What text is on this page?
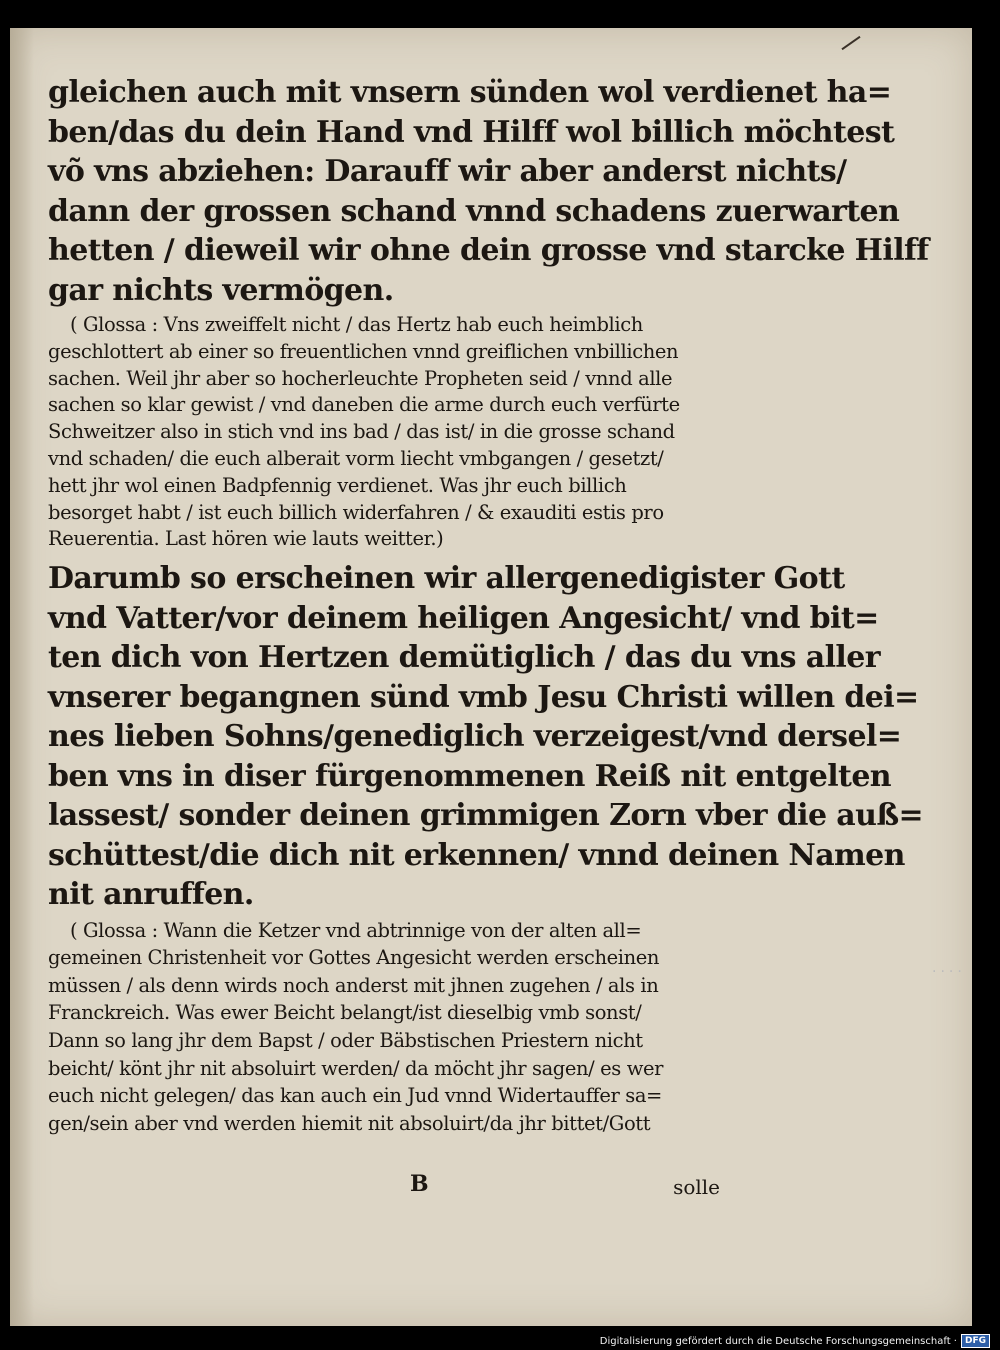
gleichen auch mit vnsern sünden wol verdienet ha=
ben/das du dein Hand vnd Hilff wol billich möchtest
võ vns abziehen: Darauff wir aber anderst nichts/
dann der grossen schand vnnd schadens zuerwarten
hetten / dieweil wir ohne dein grosse vnd starcke Hilff
gar nichts vermögen.
( Glossa : Vns zweiffelt nicht / das Hertz hab euch heimblich
geschlottert ab einer so freuentlichen vnnd greiflichen vnbillichen
sachen. Weil jhr aber so hocherleuchte Propheten seid / vnnd alle
sachen so klar gewist / vnd daneben die arme durch euch verfürte
Schweitzer also in stich vnd ins bad / das ist/ in die grosse schand
vnd schaden/ die euch alberait vorm liecht vmbgangen / gesetzt/
hett jhr wol einen Badpfennig verdienet. Was jhr euch billich
besorget habt / ist euch billich widerfahren / & exauditi estis pro
Reuerentia. Last hören wie lauts weitter.)
Darumb so erscheinen wir allergenedigister Gott
vnd Vatter/vor deinem heiligen Angesicht/ vnd bit=
ten dich von Hertzen demütiglich / das du vns aller
vnserer begangnen sünd vmb Jesu Christi willen dei=
nes lieben Sohns/genediglich verzeigest/vnd dersel=
ben vns in diser fürgenommenen Reiß nit entgelten
lassest/ sonder deinen grimmigen Zorn vber die auß=
schüttest/die dich nit erkennen/ vnnd deinen Namen
nit anruffen.
( Glossa : Wann die Ketzer vnd abtrinnige von der alten all=
gemeinen Christenheit vor Gottes Angesicht werden erscheinen
müssen / als denn wirds noch anderst mit jhnen zugehen / als in
Franckreich. Was ewer Beicht belangt/ist dieselbig vmb sonst/
Dann so lang jhr dem Bapst / oder Bäbstischen Priestern nicht
beicht/ könt jhr nit absoluirt werden/ da möcht jhr sagen/ es wer
euch nicht gelegen/ das kan auch ein Jud vnnd Widertauffer sa=
gen/sein aber vnd werden hiemit nit absoluirt/da jhr bittet/Gott
B	solle
....
Digitalisierung gefördert durch die Deutsche Forschungsgemeinschaft · DFG
